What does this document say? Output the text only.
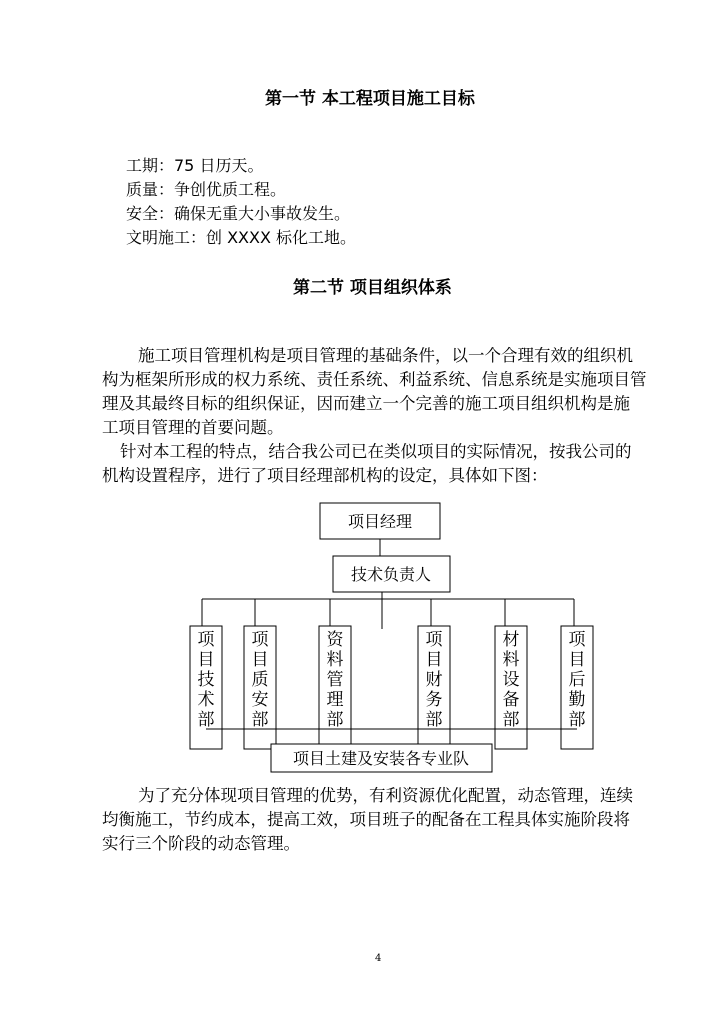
第一节 本工程项目施工目标
工期：75 日历天。
质量：争创优质工程。
安全：确保无重大小事故发生。
文明施工：创 XXXX 标化工地。
第二节 项目组织体系
施工项目管理机构是项目管理的基础条件，以一个合理有效的组织机
构为框架所形成的权力系统、责任系统、利益系统、信息系统是实施项目管
理及其最终目标的组织保证，因而建立一个完善的施工项目组织机构是施
工项目管理的首要问题。
针对本工程的特点，结合我公司已在类似项目的实际情况，按我公司的
机构设置程序，进行了项目经理部机构的设定，具体如下图：
项目经理
技术负责人
项目土建及安装各专业队
项目技术部
项目质安部
资料管理部
项目财务部
材料设备部
项目后勤部
为了充分体现项目管理的优势，有利资源优化配置，动态管理，连续
均衡施工，节约成本，提高工效，项目班子的配备在工程具体实施阶段将
实行三个阶段的动态管理。
4
